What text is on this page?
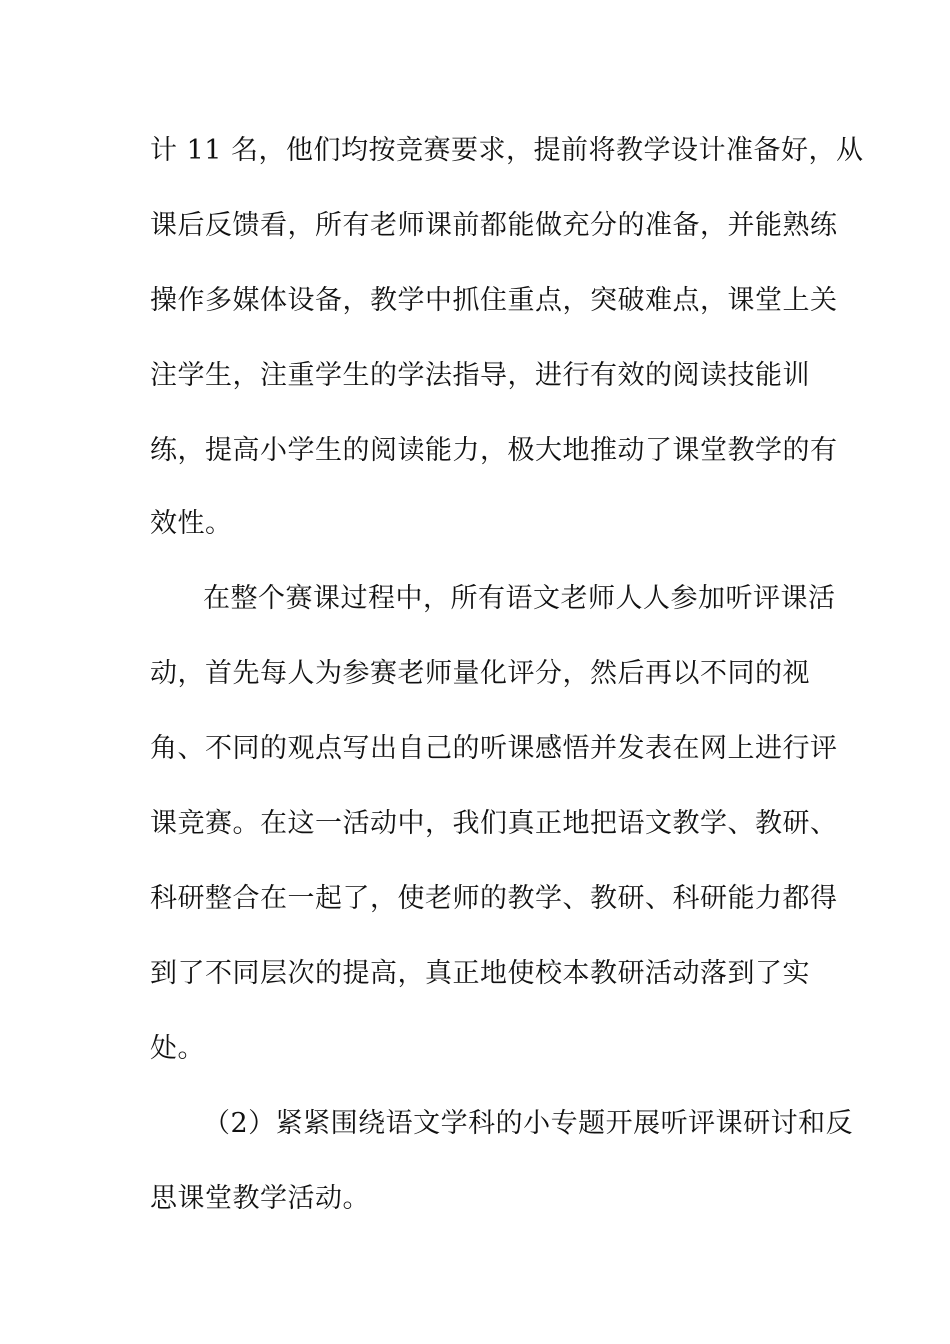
计 11 名，他们均按竞赛要求，提前将教学设计准备好，从
课后反馈看，所有老师课前都能做充分的准备，并能熟练
操作多媒体设备，教学中抓住重点，突破难点，课堂上关
注学生，注重学生的学法指导，进行有效的阅读技能训
练，提高小学生的阅读能力，极大地推动了课堂教学的有
效性。
在整个赛课过程中，所有语文老师人人参加听评课活
动，首先每人为参赛老师量化评分，然后再以不同的视
角、不同的观点写出自己的听课感悟并发表在网上进行评
课竞赛。在这一活动中，我们真正地把语文教学、教研、
科研整合在一起了，使老师的教学、教研、科研能力都得
到了不同层次的提高，真正地使校本教研活动落到了实
处。
（2）紧紧围绕语文学科的小专题开展听评课研讨和反
思课堂教学活动。
